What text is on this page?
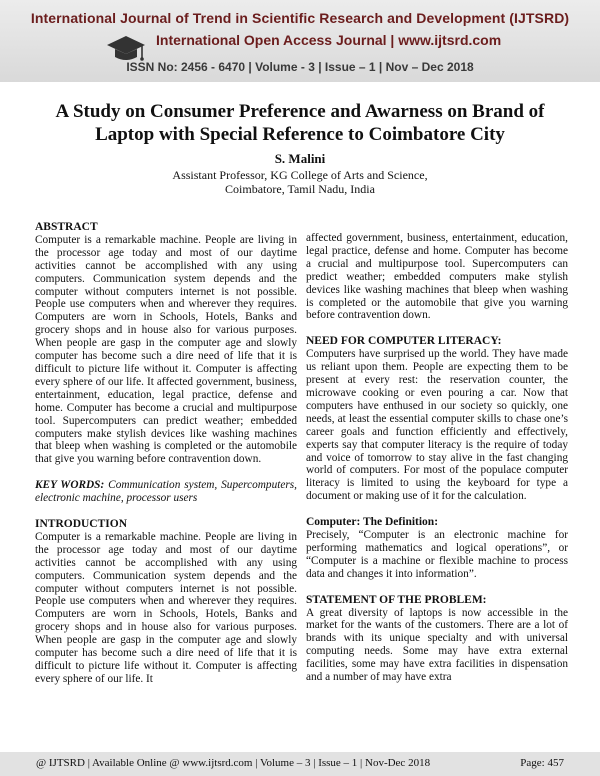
International Journal of Trend in Scientific Research and Development (IJTSRD)
International Open Access Journal | www.ijtsrd.com
ISSN No: 2456 - 6470 | Volume - 3 | Issue – 1 | Nov – Dec 2018
A Study on Consumer Preference and Awarness on Brand of Laptop with Special Reference to Coimbatore City
S. Malini
Assistant Professor, KG College of Arts and Science,
Coimbatore, Tamil Nadu, India

ABSTRACT

Computer is a remarkable machine. People are living in the processor age today and most of our daytime activities cannot be accomplished with any using computers. Communication system depends and the computer without computers internet is not possible. People use computers when and wherever they requires. Computers are worn in Schools, Hotels, Banks and grocery shops and in house also for various purposes. When people are gasp in the computer age and slowly computer has become such a dire need of life that it is difficult to picture life without it. Computer is affecting every sphere of our life. It affected government, business, entertainment, education, legal practice, defense and home. Computer has become a crucial and multipurpose tool. Supercomputers can predict weather; embedded computers make stylish devices like washing machines that bleep when washing is completed or the automobile that give you warning before contravention down.

KEY WORDS: Communication system, Supercomputers, electronic machine, processor users

INTRODUCTION

Computer is a remarkable machine. People are living in the processor age today and most of our daytime activities cannot be accomplished with any using computers. Communication system depends and the computer without computers internet is not possible. People use computers when and wherever they requires. Computers are worn in Schools, Hotels, Banks and grocery shops and in house also for various purposes. When people are gasp in the computer age and slowly computer has become such a dire need of life that it is difficult to picture life without it. Computer is affecting every sphere of our life. It

affected government, business, entertainment, education, legal practice, defense and home. Computer has become a crucial and multipurpose tool. Supercomputers can predict weather; embedded computers make stylish devices like washing machines that bleep when washing is completed or the automobile that give you warning before contravention down.

NEED FOR COMPUTER LITERACY:

Computers have surprised up the world. They have made us reliant upon them. People are expecting them to be present at every rest: the reservation counter, the microwave cooking or even pouring a car. Now that computers have enthused in our society so quickly, one needs, at least the essential computer skills to chase one’s career goals and function efficiently and effectively, experts say that computer literacy is the require of today and voice of tomorrow to stay alive in the fast changing world of computers. For most of the populace computer literacy is limited to using the keyboard for type a document or making use of it for the calculation.

Computer: The Definition:

Precisely, “Computer is an electronic machine for performing mathematics and logical operations”, or “Computer is a machine or flexible machine to process data and changes it into information”.

STATEMENT OF THE PROBLEM:

A great diversity of laptops is now accessible in the market for the wants of the customers. There are a lot of brands with its unique specialty and with universal computing needs. Some may have extra external facilities, some may have extra facilities in dispensation and a number of may have extra

@ IJTSRD | Available Online @ www.ijtsrd.com | Volume – 3 | Issue – 1 | Nov-Dec 2018	Page: 457
